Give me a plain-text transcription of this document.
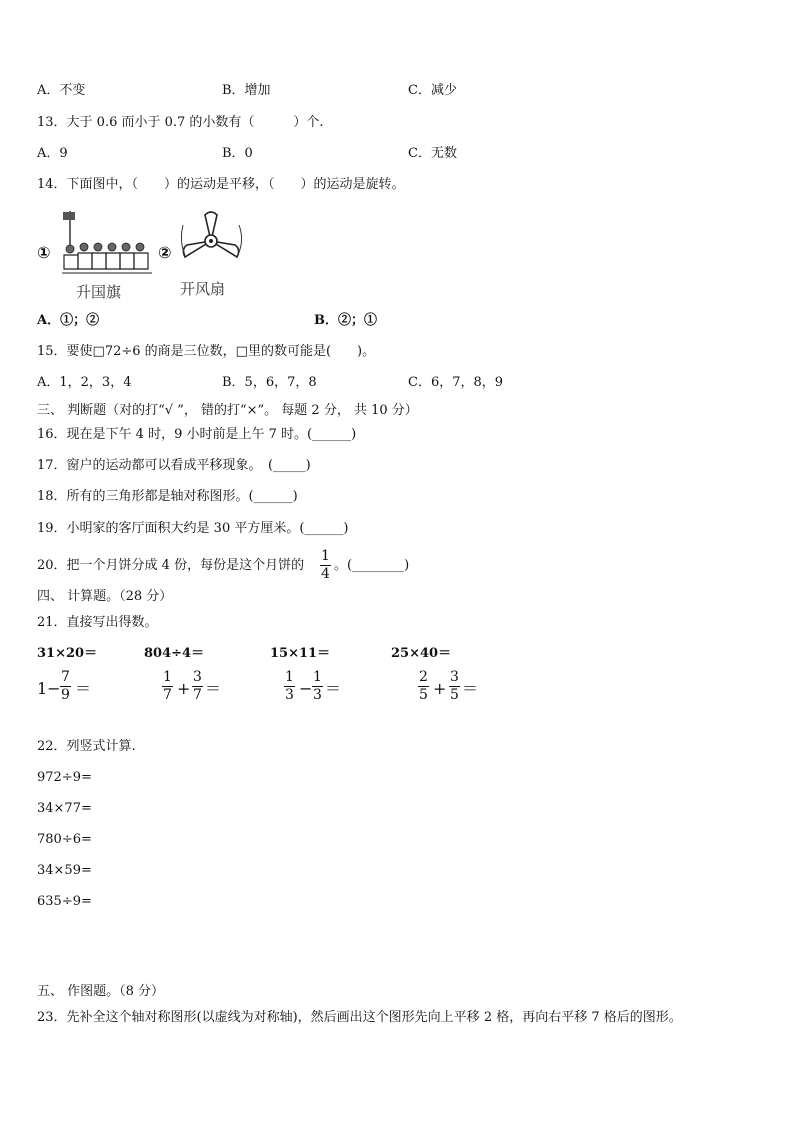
A．不变	B．增加	C．减少
13．大于 0.6 而小于 0.7 的小数有（　　　）个.
A．9	B．0	C．无数
14．下面图中，（　　）的运动是平移，（　　）的运动是旋转。
①
升国旗
②
开风扇
A．①；②	B．②；①
15．要使□72÷6 的商是三位数，□里的数可能是(　　)。
A．1，2，3，4	B．5，6，7，8	C．6，7，8，9
三、 判断题（对的打“√ ”， 错的打“×”。 每题 2 分， 共 10 分）
16．现在是下午 4 时，9 小时前是上午 7 时。(______)
17．窗户的运动都可以看成平移现象。　(_____)
18．所有的三角形都是轴对称图形。(______)
19．小明家的客厅面积大约是 30 平方厘米。(______)
20．把一个月饼分成 4 份，每份是这个月饼的
1
4
。(________)
四、 计算题。（28 分）
21．直接写出得数。
31×20＝	804÷4＝	15×11＝	25×40＝
1−
7
9 ＝
1
7 +
3
7 ＝
1
3 −
1
3 ＝
2
5 +
3
5 ＝
22．列竖式计算.
972÷9=
34×77=
780÷6=
34×59=
635÷9=
五、 作图题。（8 分）
23．先补全这个轴对称图形(以虚线为对称轴)，然后画出这个图形先向上平移 2 格，再向右平移 7 格后的图形。
